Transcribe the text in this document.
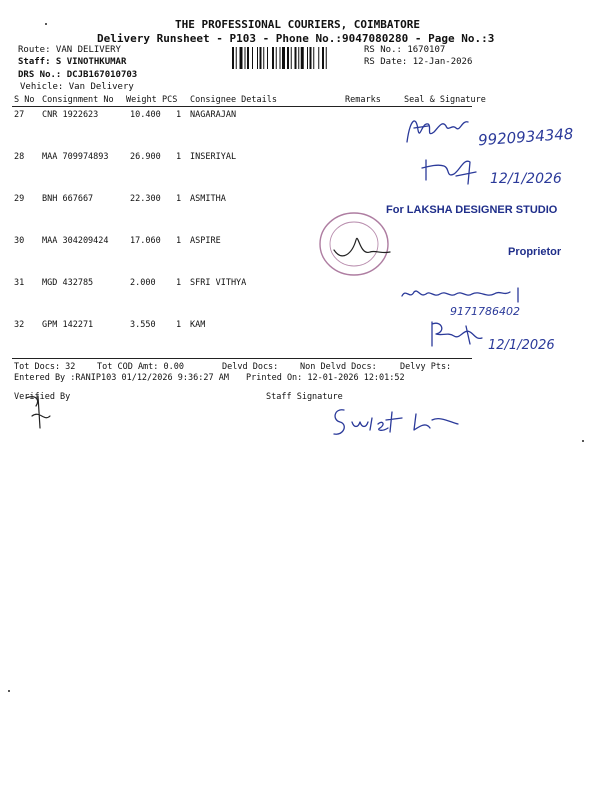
THE PROFESSIONAL COURIERS, COIMBATORE
Delivery Runsheet - P103 - Phone No.:9047080280 - Page No.:3
Route: VAN DELIVERY
Staff: S VINOTHKUMAR
DRS No.: DCJB167010703
Vehicle: Van Delivery
RS No.: 1670107
RS Date: 12-Jan-2026
S No Consignment No Weight PCS Consignee Details	Remarks	Seal & Signature
27 CNR 1922623	10.400 1 NAGARAJAN
28 MAA 709974893	26.900 1 INSERIYAL
29 BNH 667667	22.300 1 ASMITHA
30 MAA 304209424	17.060 1 ASPIRE
31 MGD 432785	2.000 1 SFRI VITHYA
32 GPM 142271	3.550 1 KAM
Tot Docs: 32	Tot COD Amt: 0.00	Delvd Docs:	Non Delvd Docs:	Delvy Pts:
Entered By :RANIP103 01/12/2026 9:36:27 AM Printed On: 12-01-2026 12:01:52
Verified By	Staff Signature
9920934348
12/1/2026
For LAKSHA DESIGNER STUDIO
Proprietor
9171786402
12/1/2026
